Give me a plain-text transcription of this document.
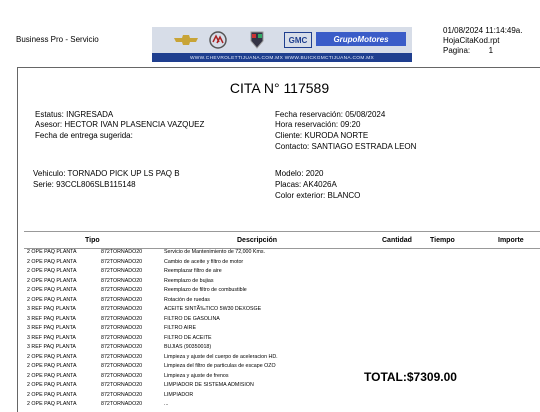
Business Pro - Servicio	GMC	GrupoMotores
WWW.CHEVROLETTIJUANA.COM.MX WWW.BUICKGMCTIJUANA.COM.MX
01/08/2024 11:14:49a.
HojaCitaKod.rpt
Pagina: 1
CITA N° 117589
Estatus: INGRESADA
Asesor: HECTOR IVAN PLASENCIA VAZQUEZ
Fecha de entrega sugerida:
Fecha reservación: 05/08/2024
Hora reservación: 09:20
Cliente: KURODA NORTE
Contacto: SANTIAGO ESTRADA LEON
Vehiculo: TORNADO PICK UP LS PAQ B
Serie: 93CCL806SLB115148
Modelo: 2020
Placas: AK4026A
Color exterior: BLANCO
Tipo	Descripción	Cantidad	Tiempo	Importe
2 OPE PAQ PLANTA	872TORNADO20	Servicio de Mantenimiento de 72,000 Kms.
2 OPE PAQ PLANTA	872TORNADO20	Cambio de aceite y filtro de motor
2 OPE PAQ PLANTA	872TORNADO20	Reemplazar filtro de aire
2 OPE PAQ PLANTA	872TORNADO20	Reemplazo de bujias
2 OPE PAQ PLANTA	872TORNADO20	Reemplazo de filtro de combustible
2 OPE PAQ PLANTA	872TORNADO20	Rotación de ruedas
3 REF PAQ PLANTA	872TORNADO20	ACEITE SINTÃ‰TICO 5W30 DEXOSGE
3 REF PAQ PLANTA	872TORNADO20	FILTRO DE GASOLINA
3 REF PAQ PLANTA	872TORNADO20	FILTRO AIRE
3 REF PAQ PLANTA	872TORNADO20	FILTRO DE ACEITE
3 REF PAQ PLANTA	872TORNADO20	BUJIAS (90350018)
2 OPE PAQ PLANTA	872TORNADO20	Limpieza y ajuste del cuerpo de aceleracion HD.
2 OPE PAQ PLANTA	872TORNADO20	Limpieza del filtro de particulas de escape OZO
2 OPE PAQ PLANTA	872TORNADO20	Limpieza y ajuste de frenos
2 OPE PAQ PLANTA	872TORNADO20	LIMPIADOR DE SISTEMA ADMISION
2 OPE PAQ PLANTA	872TORNADO20	LIMPIADOR
2 OPE PAQ PLANTA	872TORNADO20	...
TOTAL:$7309.00
